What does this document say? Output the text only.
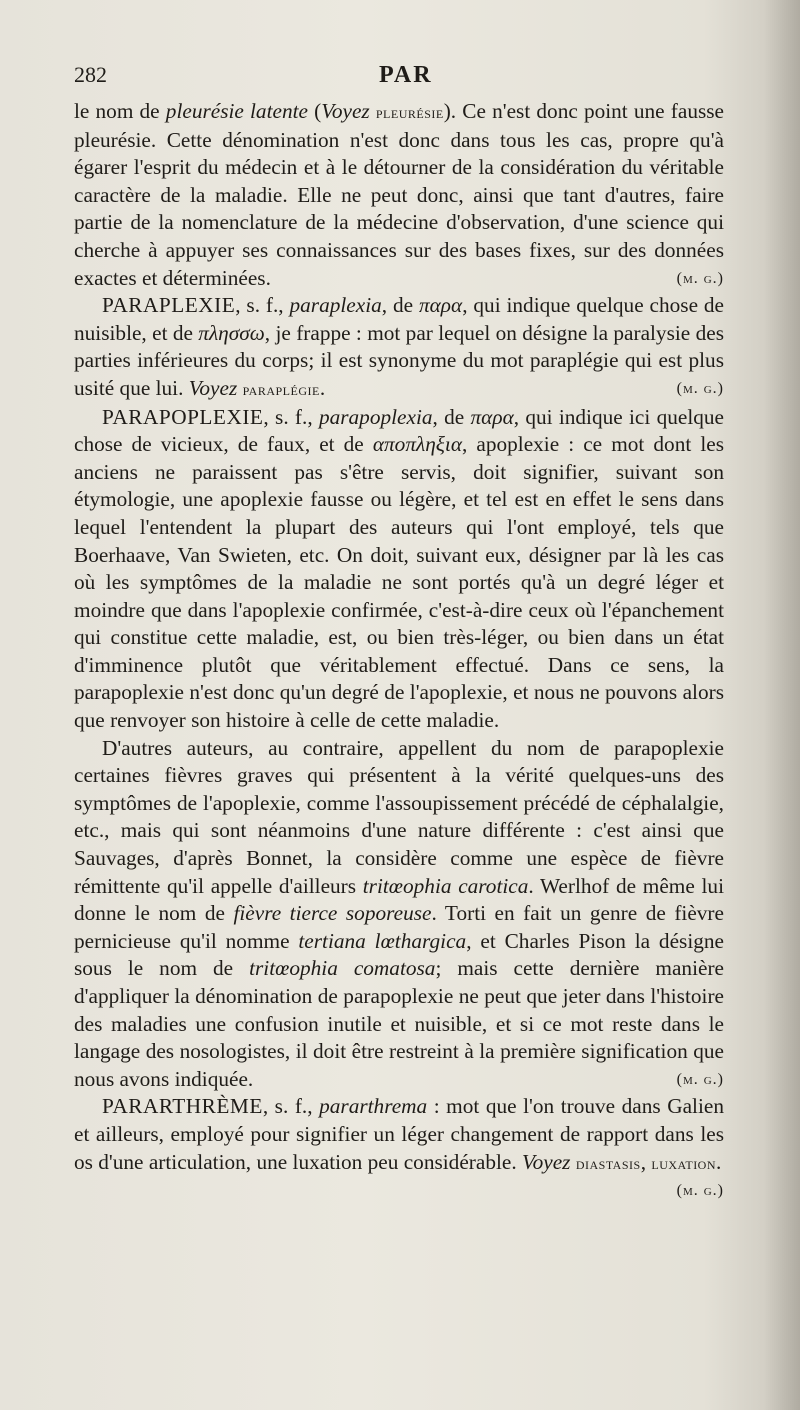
282	PAR

le nom de pleurésie latente (Voyez pleurésie). Ce n'est donc point une fausse pleurésie. Cette dénomination n'est donc dans tous les cas, propre qu'à égarer l'esprit du médecin et à le détourner de la considération du véritable caractère de la maladie. Elle ne peut donc, ainsi que tant d'autres, faire partie de la nomenclature de la médecine d'observation, d'une science qui cherche à appuyer ses connaissances sur des bases fixes, sur des données exactes et déterminées.	(m. g.)

PARAPLEXIE, s. f., paraplexia, de παρα, qui indique quelque chose de nuisible, et de πλησσω, je frappe : mot par lequel on désigne la paralysie des parties inférieures du corps; il est synonyme du mot paraplégie qui est plus usité que lui. Voyez paraplégie.	(m. g.)

PARAPOPLEXIE, s. f., parapoplexia, de παρα, qui indique ici quelque chose de vicieux, de faux, et de αποπληξια, apoplexie : ce mot dont les anciens ne paraissent pas s'être servis, doit signifier, suivant son étymologie, une apoplexie fausse ou légère, et tel est en effet le sens dans lequel l'entendent la plupart des auteurs qui l'ont employé, tels que Boerhaave, Van Swieten, etc. On doit, suivant eux, désigner par là les cas où les symptômes de la maladie ne sont portés qu'à un degré léger et moindre que dans l'apoplexie confirmée, c'est-à-dire ceux où l'épanchement qui constitue cette maladie, est, ou bien très-léger, ou bien dans un état d'imminence plutôt que véritablement effectué. Dans ce sens, la parapoplexie n'est donc qu'un degré de l'apoplexie, et nous ne pouvons alors que renvoyer son histoire à celle de cette maladie.

D'autres auteurs, au contraire, appellent du nom de parapoplexie certaines fièvres graves qui présentent à la vérité quelques-uns des symptômes de l'apoplexie, comme l'assoupissement précédé de céphalalgie, etc., mais qui sont néanmoins d'une nature différente : c'est ainsi que Sauvages, d'après Bonnet, la considère comme une espèce de fièvre rémittente qu'il appelle d'ailleurs tritœophia carotica. Werlhof de même lui donne le nom de fièvre tierce soporeuse. Torti en fait un genre de fièvre pernicieuse qu'il nomme tertiana lœthargica, et Charles Pison la désigne sous le nom de tritœophia comatosa; mais cette dernière manière d'appliquer la dénomination de parapoplexie ne peut que jeter dans l'histoire des maladies une confusion inutile et nuisible, et si ce mot reste dans le langage des nosologistes, il doit être restreint à la première signification que nous avons indiquée.	(m. g.)

PARARTHRÈME, s. f., pararthrema : mot que l'on trouve dans Galien et ailleurs, employé pour signifier un léger changement de rapport dans les os d'une articulation, une luxation peu considérable. Voyez diastasis, luxation.
(m. g.)
